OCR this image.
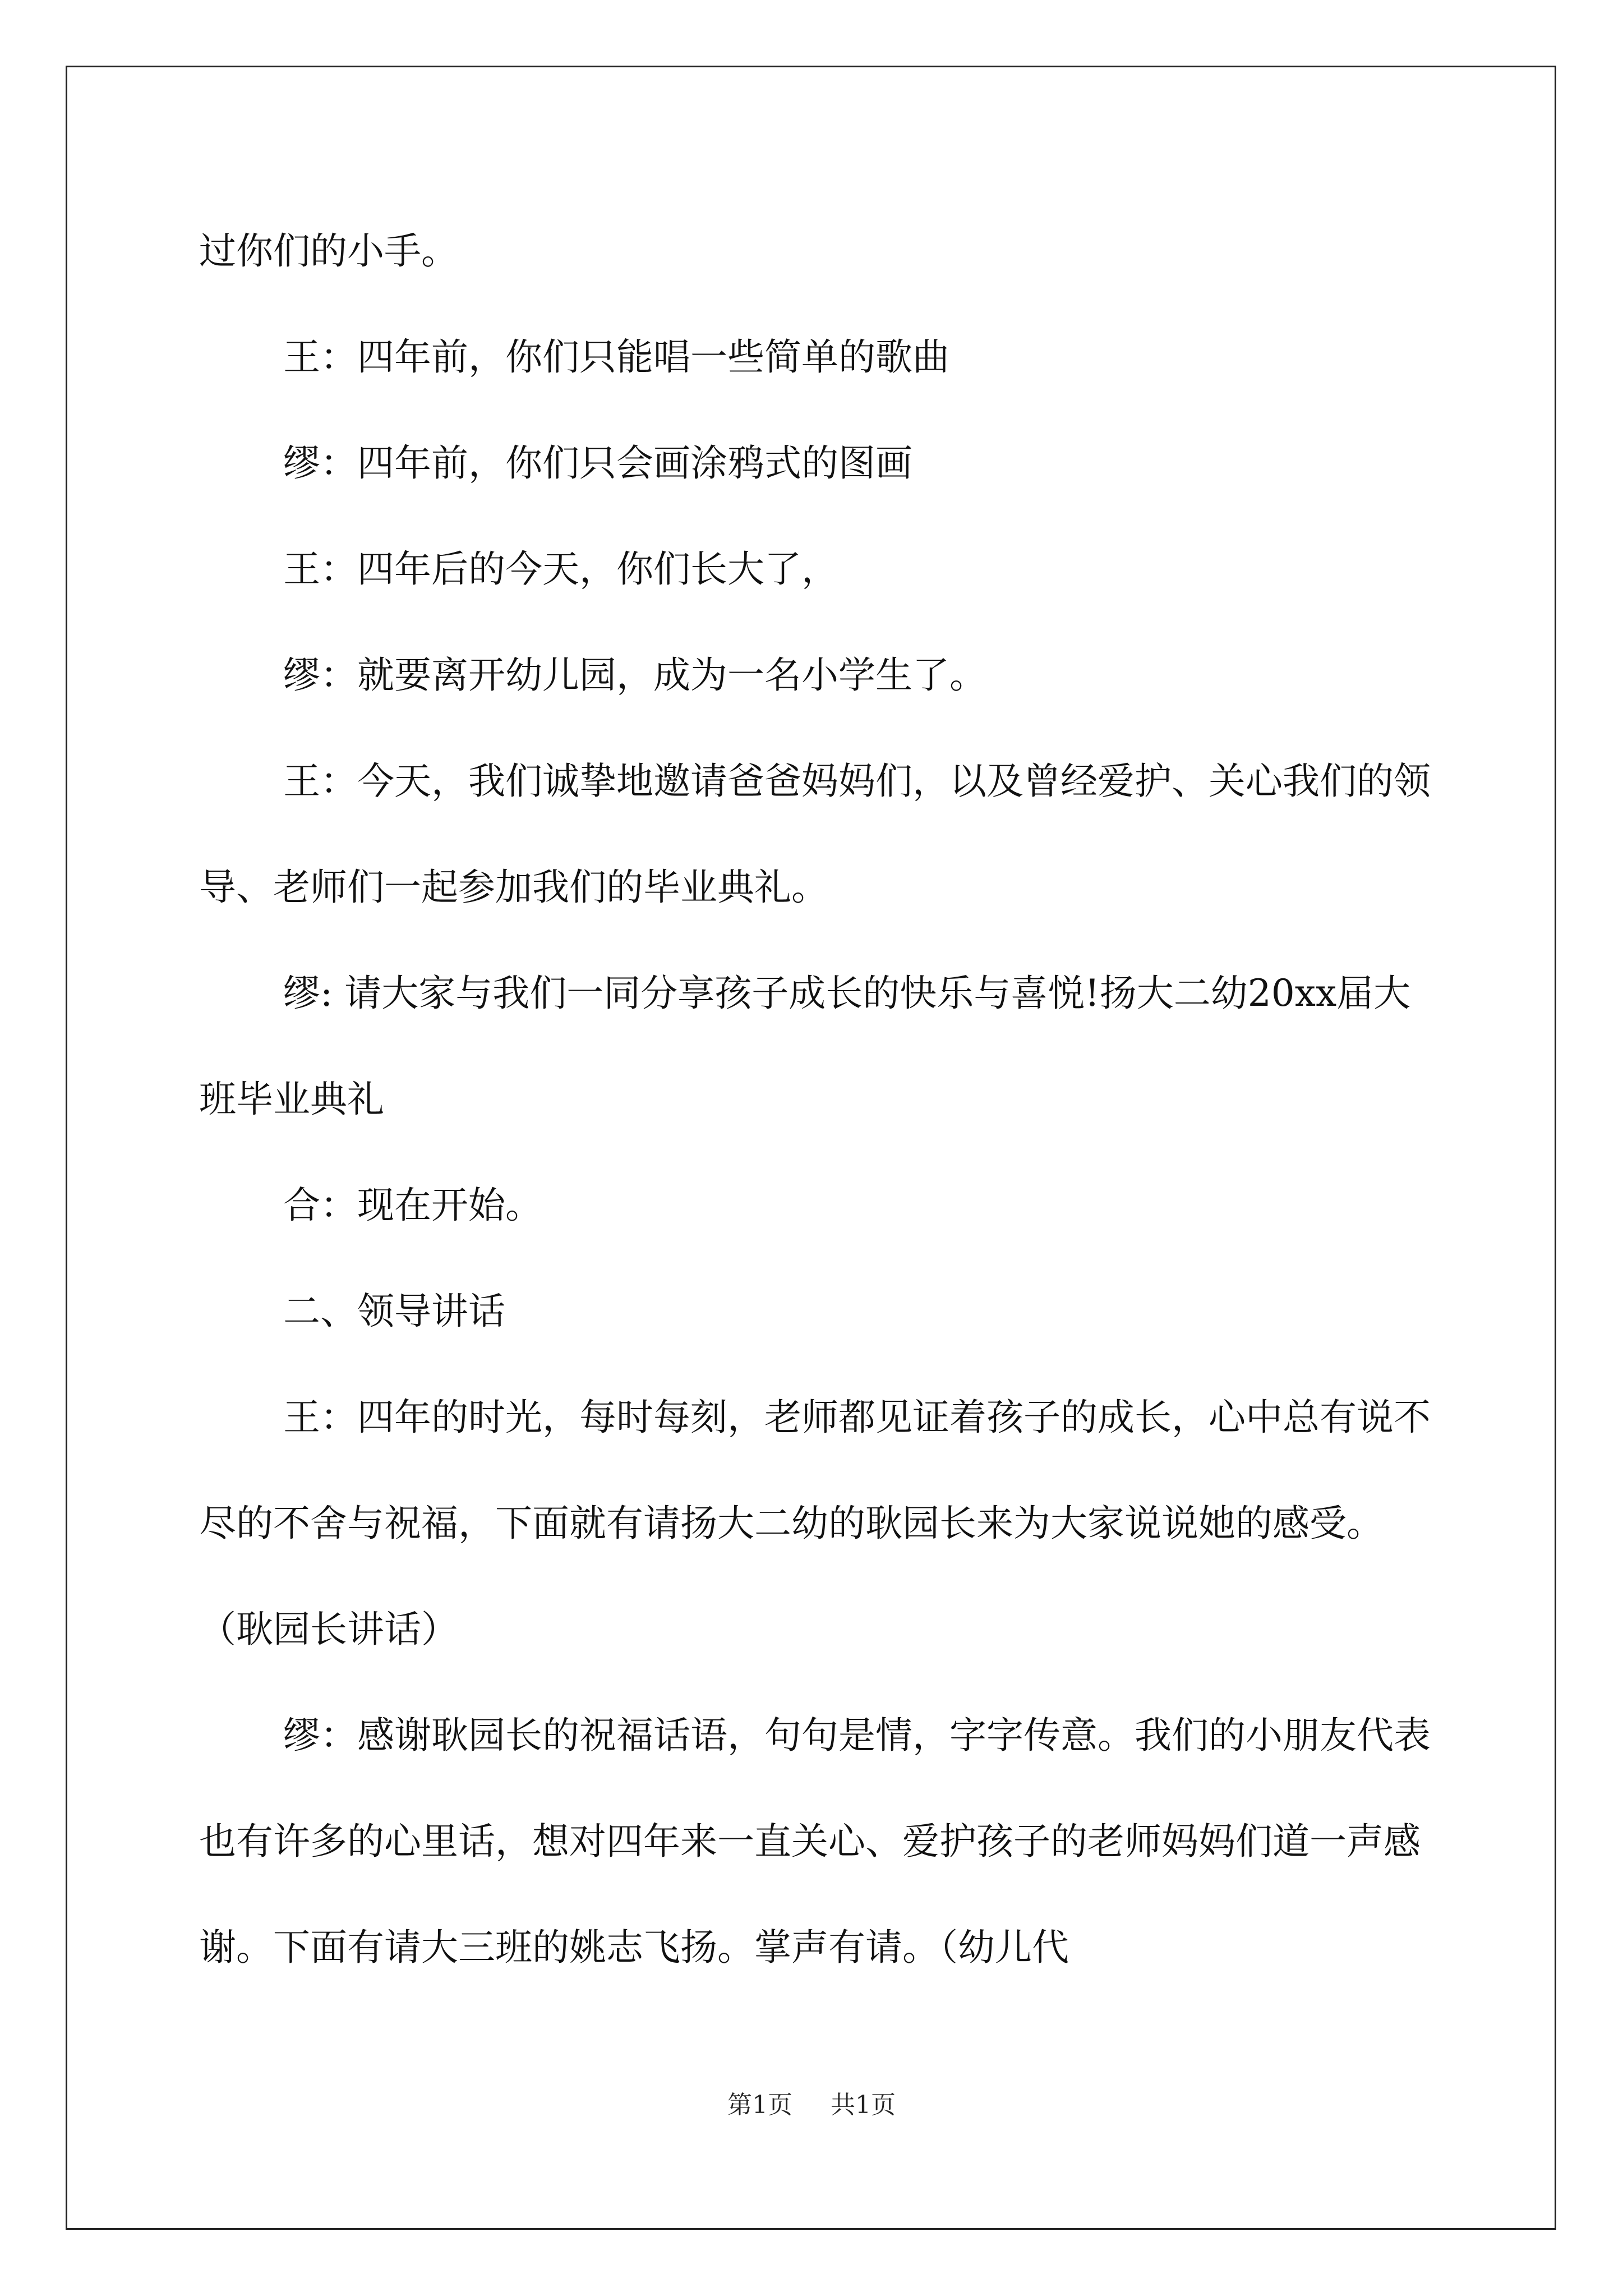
过你们的小手。

王：四年前，你们只能唱一些简单的歌曲

缪：四年前，你们只会画涂鸦式的图画

王：四年后的今天，你们长大了，

缪：就要离开幼儿园，成为一名小学生了。

王：今天，我们诚挚地邀请爸爸妈妈们，以及曾经爱护、关心我们的领导、老师们一起参加我们的毕业典礼。

缪: 请大家与我们一同分享孩子成长的快乐与喜悦!扬大二幼20xx届大班毕业典礼

合：现在开始。

二、领导讲话

王：四年的时光，每时每刻，老师都见证着孩子的成长，心中总有说不尽的不舍与祝福，下面就有请扬大二幼的耿园长来为大家说说她的感受。（耿园长讲话）

缪：感谢耿园长的祝福话语，句句是情，字字传意。我们的小朋友代表也有许多的心里话，想对四年来一直关心、爱护孩子的老师妈妈们道一声感谢。下面有请大三班的姚志飞扬。掌声有请。（幼儿代

第1页 共1页
